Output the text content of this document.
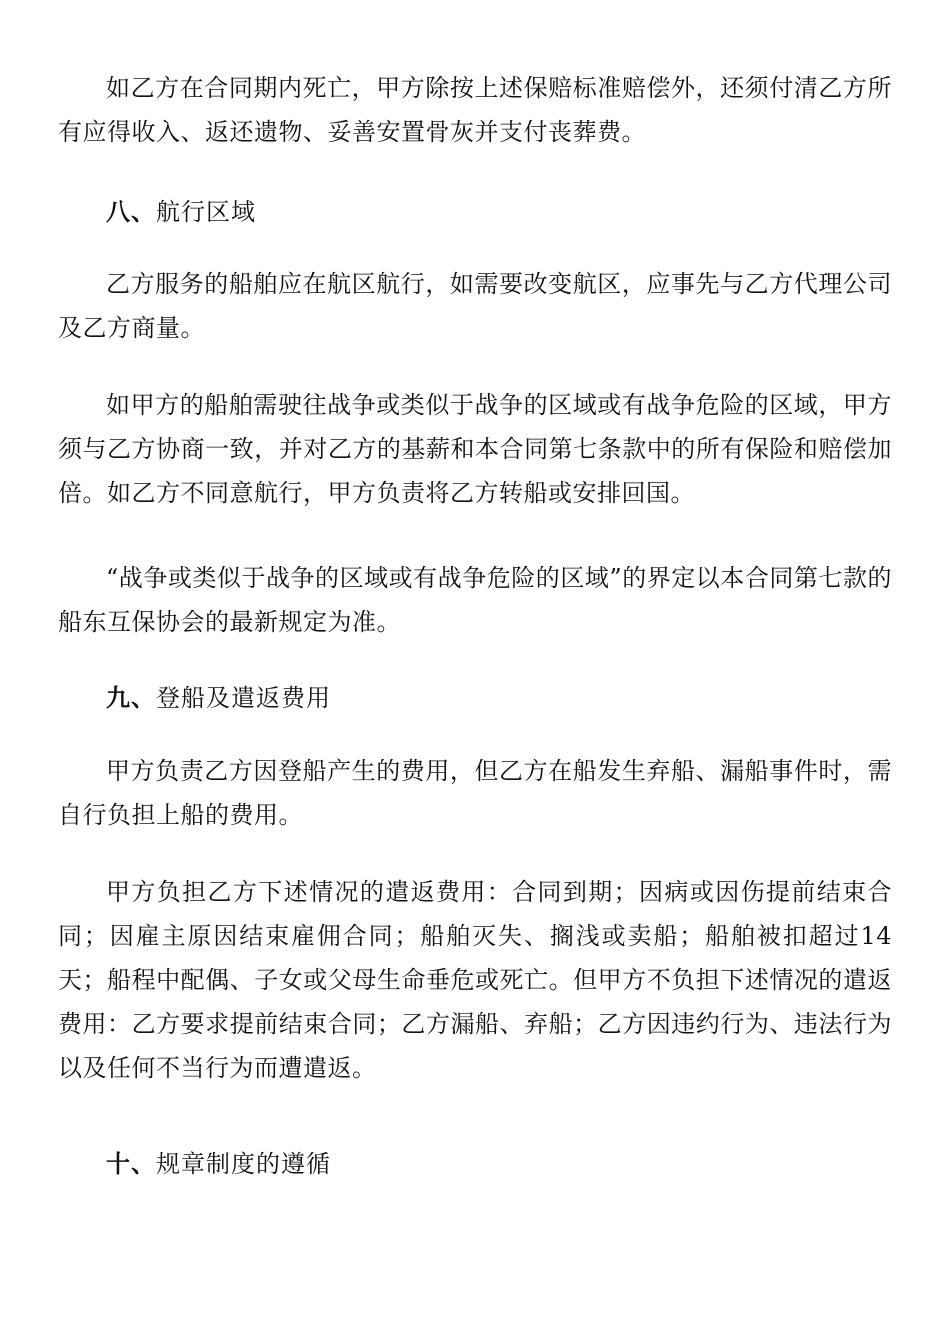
如乙方在合同期内死亡，甲方除按上述保赔标准赔偿外，还须付清乙方所有应得收入、返还遗物、妥善安置骨灰并支付丧葬费。

八、航行区域

乙方服务的船舶应在航区航行，如需要改变航区，应事先与乙方代理公司及乙方商量。

如甲方的船舶需驶往战争或类似于战争的区域或有战争危险的区域，甲方须与乙方协商一致，并对乙方的基薪和本合同第七条款中的所有保险和赔偿加倍。如乙方不同意航行，甲方负责将乙方转船或安排回国。

“战争或类似于战争的区域或有战争危险的区域”的界定以本合同第七款的船东互保协会的最新规定为准。

九、登船及遣返费用

甲方负责乙方因登船产生的费用，但乙方在船发生弃船、漏船事件时，需自行负担上船的费用。

甲方负担乙方下述情况的遣返费用：合同到期；因病或因伤提前结束合同；因雇主原因结束雇佣合同；船舶灭失、搁浅或卖船；船舶被扣超过14天；船程中配偶、子女或父母生命垂危或死亡。但甲方不负担下述情况的遣返费用：乙方要求提前结束合同；乙方漏船、弃船；乙方因违约行为、违法行为以及任何不当行为而遭遣返。

十、规章制度的遵循
